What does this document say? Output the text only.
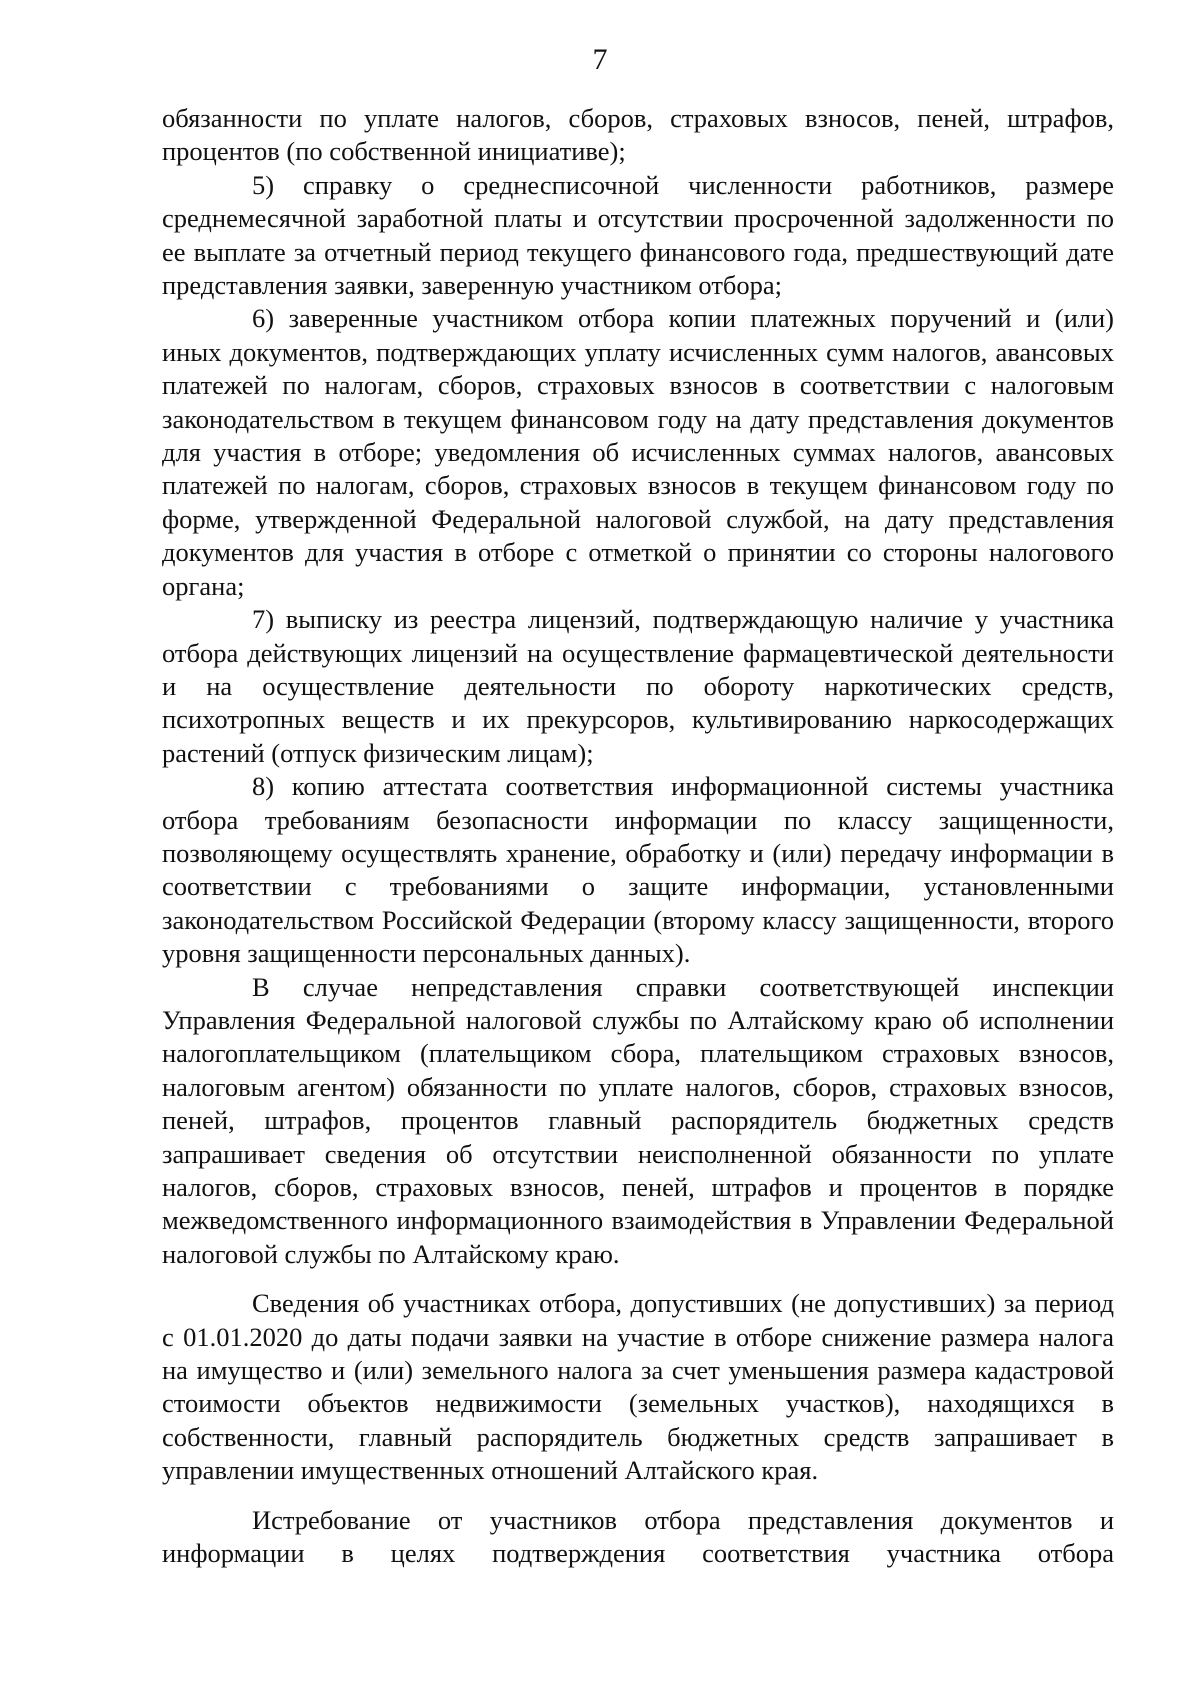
7

обязанности по уплате налогов, сборов, страховых взносов, пеней, штрафов, процентов (по собственной инициативе);

5) справку о среднесписочной численности работников, размере среднемесячной заработной платы и отсутствии просроченной задолженности по ее выплате за отчетный период текущего финансового года, предшествующий дате представления заявки, заверенную участником отбора;

6) заверенные участником отбора копии платежных поручений и (или) иных документов, подтверждающих уплату исчисленных сумм налогов, авансовых платежей по налогам, сборов, страховых взносов в соответствии с налоговым законодательством в текущем финансовом году на дату представления документов для участия в отборе; уведомления об исчисленных суммах налогов, авансовых платежей по налогам, сборов, страховых взносов в текущем финансовом году по форме, утвержденной Федеральной налоговой службой, на дату представления документов для участия в отборе с отметкой о принятии со стороны налогового органа;

7) выписку из реестра лицензий, подтверждающую наличие у участника отбора действующих лицензий на осуществление фармацевтической деятельности и на осуществление деятельности по обороту наркотических средств, психотропных веществ и их прекурсоров, культивированию наркосодержащих растений (отпуск физическим лицам);

8) копию аттестата соответствия информационной системы участника отбора требованиям безопасности информации по классу защищенности, позволяющему осуществлять хранение, обработку и (или) передачу информации в соответствии с требованиями о защите информации, установленными законодательством Российской Федерации (второму классу защищенности, второго уровня защищенности персональных данных).

В случае непредставления справки соответствующей инспекции Управления Федеральной налоговой службы по Алтайскому краю об исполнении налогоплательщиком (плательщиком сбора, плательщиком страховых взносов, налоговым агентом) обязанности по уплате налогов, сборов, страховых взносов, пеней, штрафов, процентов главный распорядитель бюджетных средств запрашивает сведения об отсутствии неисполненной обязанности по уплате налогов, сборов, страховых взносов, пеней, штрафов и процентов в порядке межведомственного информационного взаимодействия в Управлении Федеральной налоговой службы по Алтайскому краю.

Сведения об участниках отбора, допустивших (не допустивших) за период с 01.01.2020 до даты подачи заявки на участие в отборе снижение размера налога на имущество и (или) земельного налога за счет уменьшения размера кадастровой стоимости объектов недвижимости (земельных участков), находящихся в собственности, главный распорядитель бюджетных средств запрашивает в управлении имущественных отношений Алтайского края.

Истребование от участников отбора представления документов и информации в целях подтверждения соответствия участника отбора
